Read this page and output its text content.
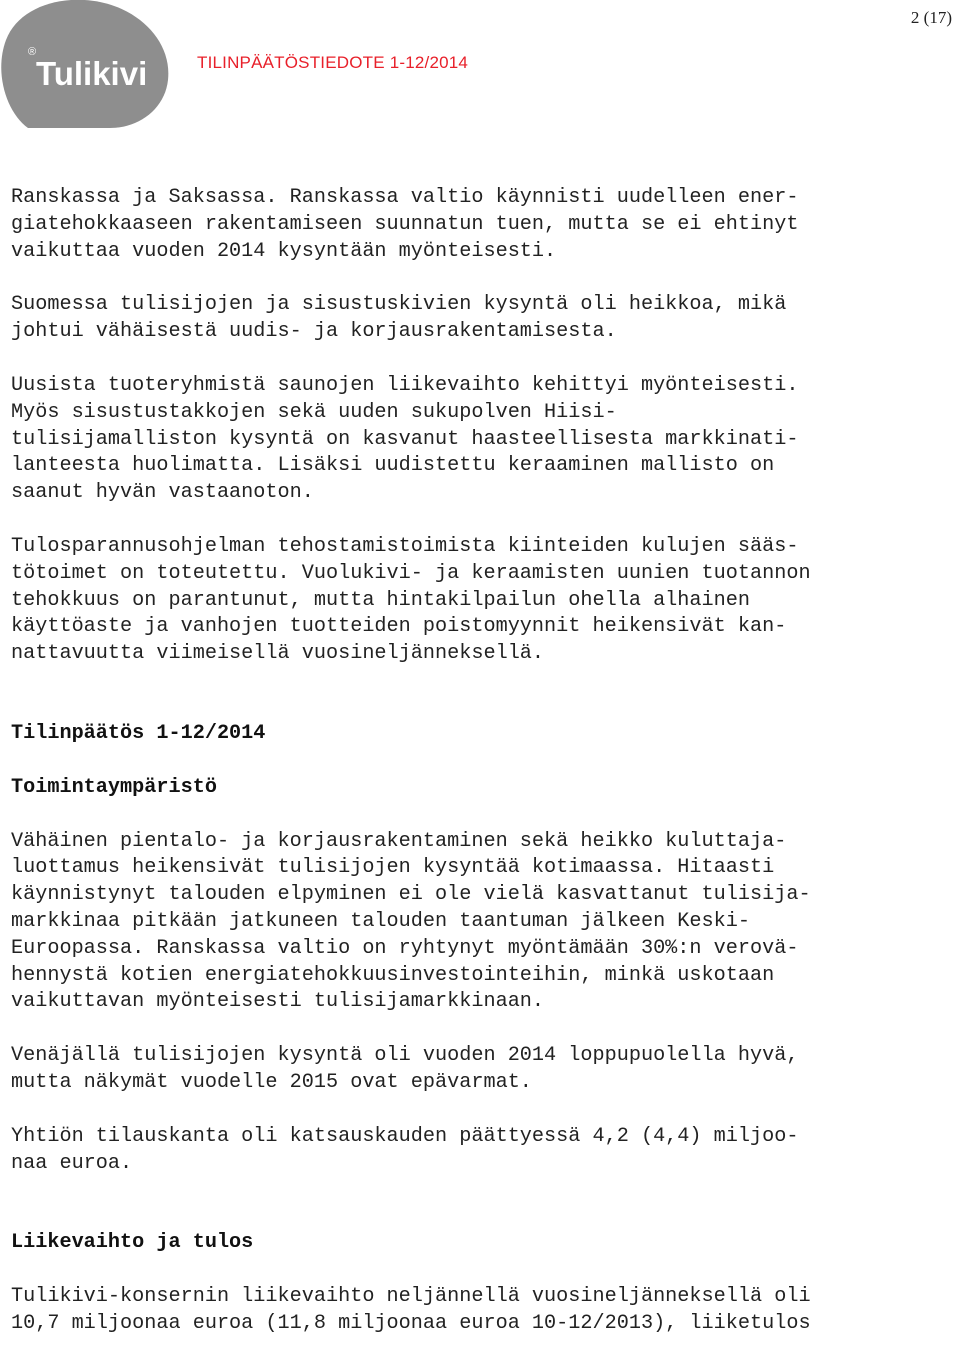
®
Tulikivi	TILINPÄÄTÖSTIEDOTE 1-12/2014
2 (17)

Ranskassa ja Saksassa. Ranskassa valtio käynnisti uudelleen ener-
giatehokkaaseen rakentamiseen suunnatun tuen, mutta se ei ehtinyt
vaikuttaa vuoden 2014 kysyntään myönteisesti.

Suomessa tulisijojen ja sisustuskivien kysyntä oli heikkoa, mikä
johtui vähäisestä uudis- ja korjausrakentamisesta.

Uusista tuoteryhmistä saunojen liikevaihto kehittyi myönteisesti.
Myös sisustustakkojen sekä uuden sukupolven Hiisi-
tulisijamalliston kysyntä on kasvanut haasteellisesta markkinati-
lanteesta huolimatta. Lisäksi uudistettu keraaminen mallisto on
saanut hyvän vastaanoton.

Tulosparannusohjelman tehostamistoimista kiinteiden kulujen sääs-
tötoimet on toteutettu. Vuolukivi- ja keraamisten uunien tuotannon
tehokkuus on parantunut, mutta hintakilpailun ohella alhainen
käyttöaste ja vanhojen tuotteiden poistomyynnit heikensivät kan-
nattavuutta viimeisellä vuosineljänneksellä.

Tilinpäätös 1-12/2014
Toimintaympäristö

Vähäinen pientalo- ja korjausrakentaminen sekä heikko kuluttaja-
luottamus heikensivät tulisijojen kysyntää kotimaassa. Hitaasti
käynnistynyt talouden elpyminen ei ole vielä kasvattanut tulisija-
markkinaa pitkään jatkuneen talouden taantuman jälkeen Keski-
Euroopassa. Ranskassa valtio on ryhtynyt myöntämään 30%:n verovä-
hennystä kotien energiatehokkuusinvestointeihin, minkä uskotaan
vaikuttavan myönteisesti tulisijamarkkinaan.

Venäjällä tulisijojen kysyntä oli vuoden 2014 loppupuolella hyvä,
mutta näkymät vuodelle 2015 ovat epävarmat.

Yhtiön tilauskanta oli katsauskauden päättyessä 4,2 (4,4) miljoo-
naa euroa.

Liikevaihto ja tulos

Tulikivi-konsernin liikevaihto neljännellä vuosineljänneksellä oli
10,7 miljoonaa euroa (11,8 miljoonaa euroa 10-12/2013), liiketulos
